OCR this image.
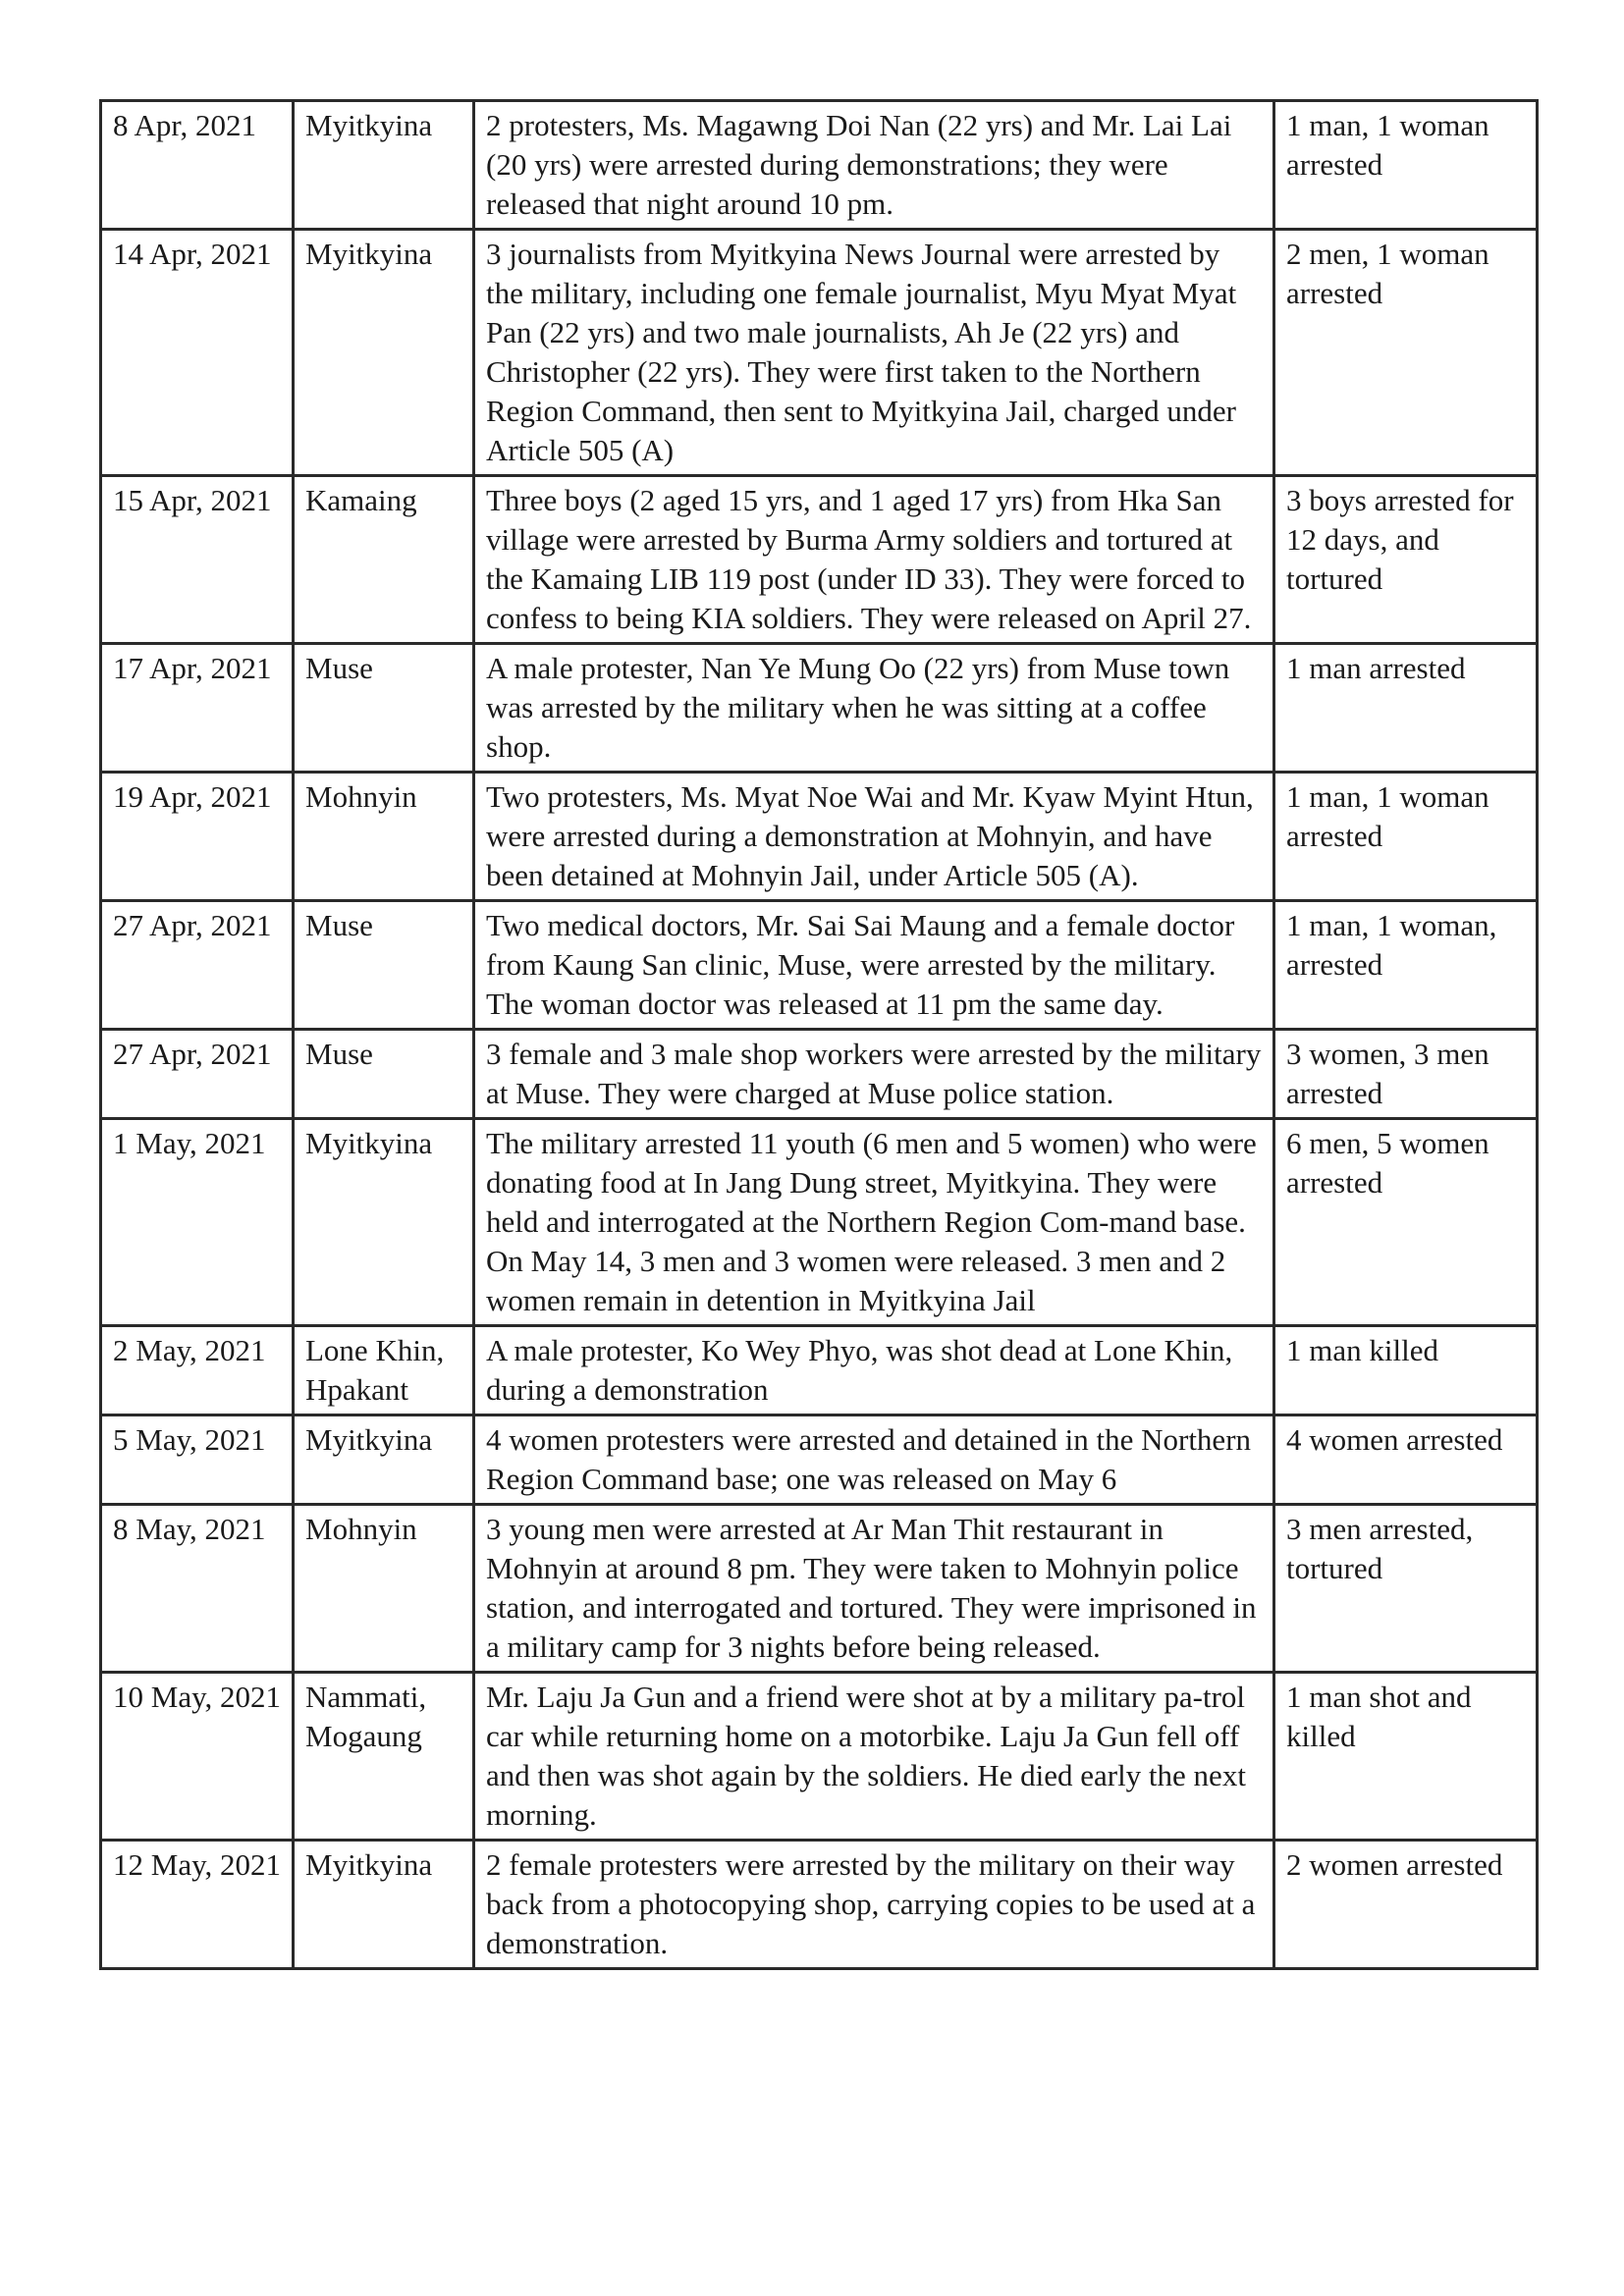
8 Apr, 2021	Myitkyina	2 protesters, Ms. Magawng Doi Nan (22 yrs) and Mr. Lai Lai (20 yrs) were arrested during demonstrations; they were released that night around 10 pm.	1 man, 1 woman arrested
14 Apr, 2021	Myitkyina	3 journalists from Myitkyina News Journal were arrested by the military, including one female journalist, Myu Myat Myat Pan (22 yrs) and two male journalists, Ah Je (22 yrs) and Christopher (22 yrs). They were first taken to the Northern Region Command, then sent to Myitkyina Jail, charged under Article 505 (A)	2 men, 1 woman arrested
15 Apr, 2021	Kamaing	Three boys (2 aged 15 yrs, and 1 aged 17 yrs) from Hka San village were arrested by Burma Army soldiers and tortured at the Kamaing LIB 119 post (under ID 33). They were forced to confess to being KIA soldiers. They were released on April 27.	3 boys arrested for 12 days, and tortured
17 Apr, 2021	Muse	A male protester, Nan Ye Mung Oo (22 yrs) from Muse town was arrested by the military when he was sitting at a coffee shop.	1 man arrested
19 Apr, 2021	Mohnyin	Two protesters, Ms. Myat Noe Wai and Mr. Kyaw Myint Htun, were arrested during a demonstration at Mohnyin, and have been detained at Mohnyin Jail, under Article 505 (A).	1 man, 1 woman arrested
27 Apr, 2021	Muse	Two medical doctors, Mr. Sai Sai Maung and a female doctor from Kaung San clinic, Muse, were arrested by the military. The woman doctor was released at 11 pm the same day.	1 man, 1 woman, arrested
27 Apr, 2021	Muse	3 female and 3 male shop workers were arrested by the military at Muse. They were charged at Muse police station.	3 women, 3 men arrested
1 May, 2021	Myitkyina	The military arrested 11 youth (6 men and 5 women) who were donating food at In Jang Dung street, Myitkyina. They were held and interrogated at the Northern Region Com-mand base. On May 14, 3 men and 3 women were released. 3 men and 2 women remain in detention in Myitkyina Jail	6 men, 5 women arrested
2 May, 2021	Lone Khin, Hpakant	A male protester, Ko Wey Phyo, was shot dead at Lone Khin, during a demonstration	1 man killed
5 May, 2021	Myitkyina	4 women protesters were arrested and detained in the Northern Region Command base; one was released on May 6	4 women arrested
8 May, 2021	Mohnyin	3 young men were arrested at Ar Man Thit restaurant in Mohnyin at around 8 pm. They were taken to Mohnyin police station, and interrogated and tortured. They were imprisoned in a military camp for 3 nights before being released.	3 men arrested, tortured
10 May, 2021	Nammati, Mogaung	Mr. Laju Ja Gun and a friend were shot at by a military pa-trol car while returning home on a motorbike. Laju Ja Gun fell off and then was shot again by the soldiers. He died early the next morning.	1 man shot and killed
12 May, 2021	Myitkyina	2 female protesters were arrested by the military on their way back from a photocopying shop, carrying copies to be used at a demonstration.	2 women arrested
